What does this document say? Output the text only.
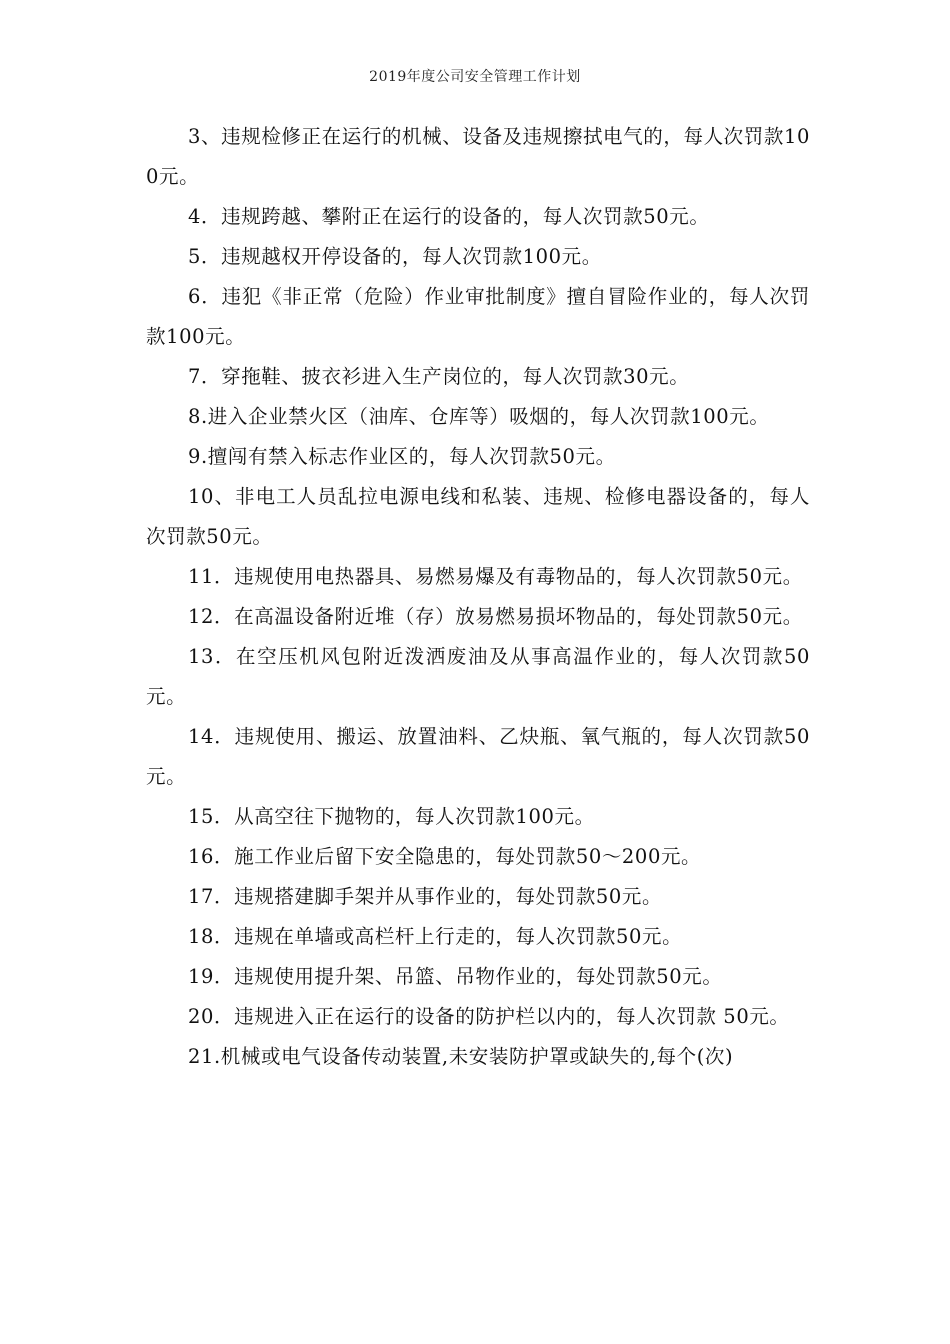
2019年度公司安全管理工作计划

3、违规检修正在运行的机械、设备及违规擦拭电气的，每人次罚款100元。

4．违规跨越、攀附正在运行的设备的，每人次罚款50元。

5．违规越权开停设备的，每人次罚款100元。

6．违犯《非正常（危险）作业审批制度》擅自冒险作业的，每人次罚款100元。

7．穿拖鞋、披衣衫进入生产岗位的，每人次罚款30元。

8.进入企业禁火区（油库、仓库等）吸烟的，每人次罚款100元。

9.擅闯有禁入标志作业区的，每人次罚款50元。

10、非电工人员乱拉电源电线和私装、违规、检修电器设备的，每人次罚款50元。

11．违规使用电热器具、易燃易爆及有毒物品的，每人次罚款50元。

12．在高温设备附近堆（存）放易燃易损坏物品的，每处罚款50元。

13．在空压机风包附近泼洒废油及从事高温作业的，每人次罚款50元。

14．违规使用、搬运、放置油料、乙炔瓶、氧气瓶的，每人次罚款50元。

15．从高空往下抛物的，每人次罚款100元。

16．施工作业后留下安全隐患的，每处罚款50～200元。

17．违规搭建脚手架并从事作业的，每处罚款50元。

18．违规在单墙或高栏杆上行走的，每人次罚款50元。

19．违规使用提升架、吊篮、吊物作业的，每处罚款50元。

20．违规进入正在运行的设备的防护栏以内的，每人次罚款 50元。

21.机械或电气设备传动装置,未安装防护罩或缺失的,每个(次)
